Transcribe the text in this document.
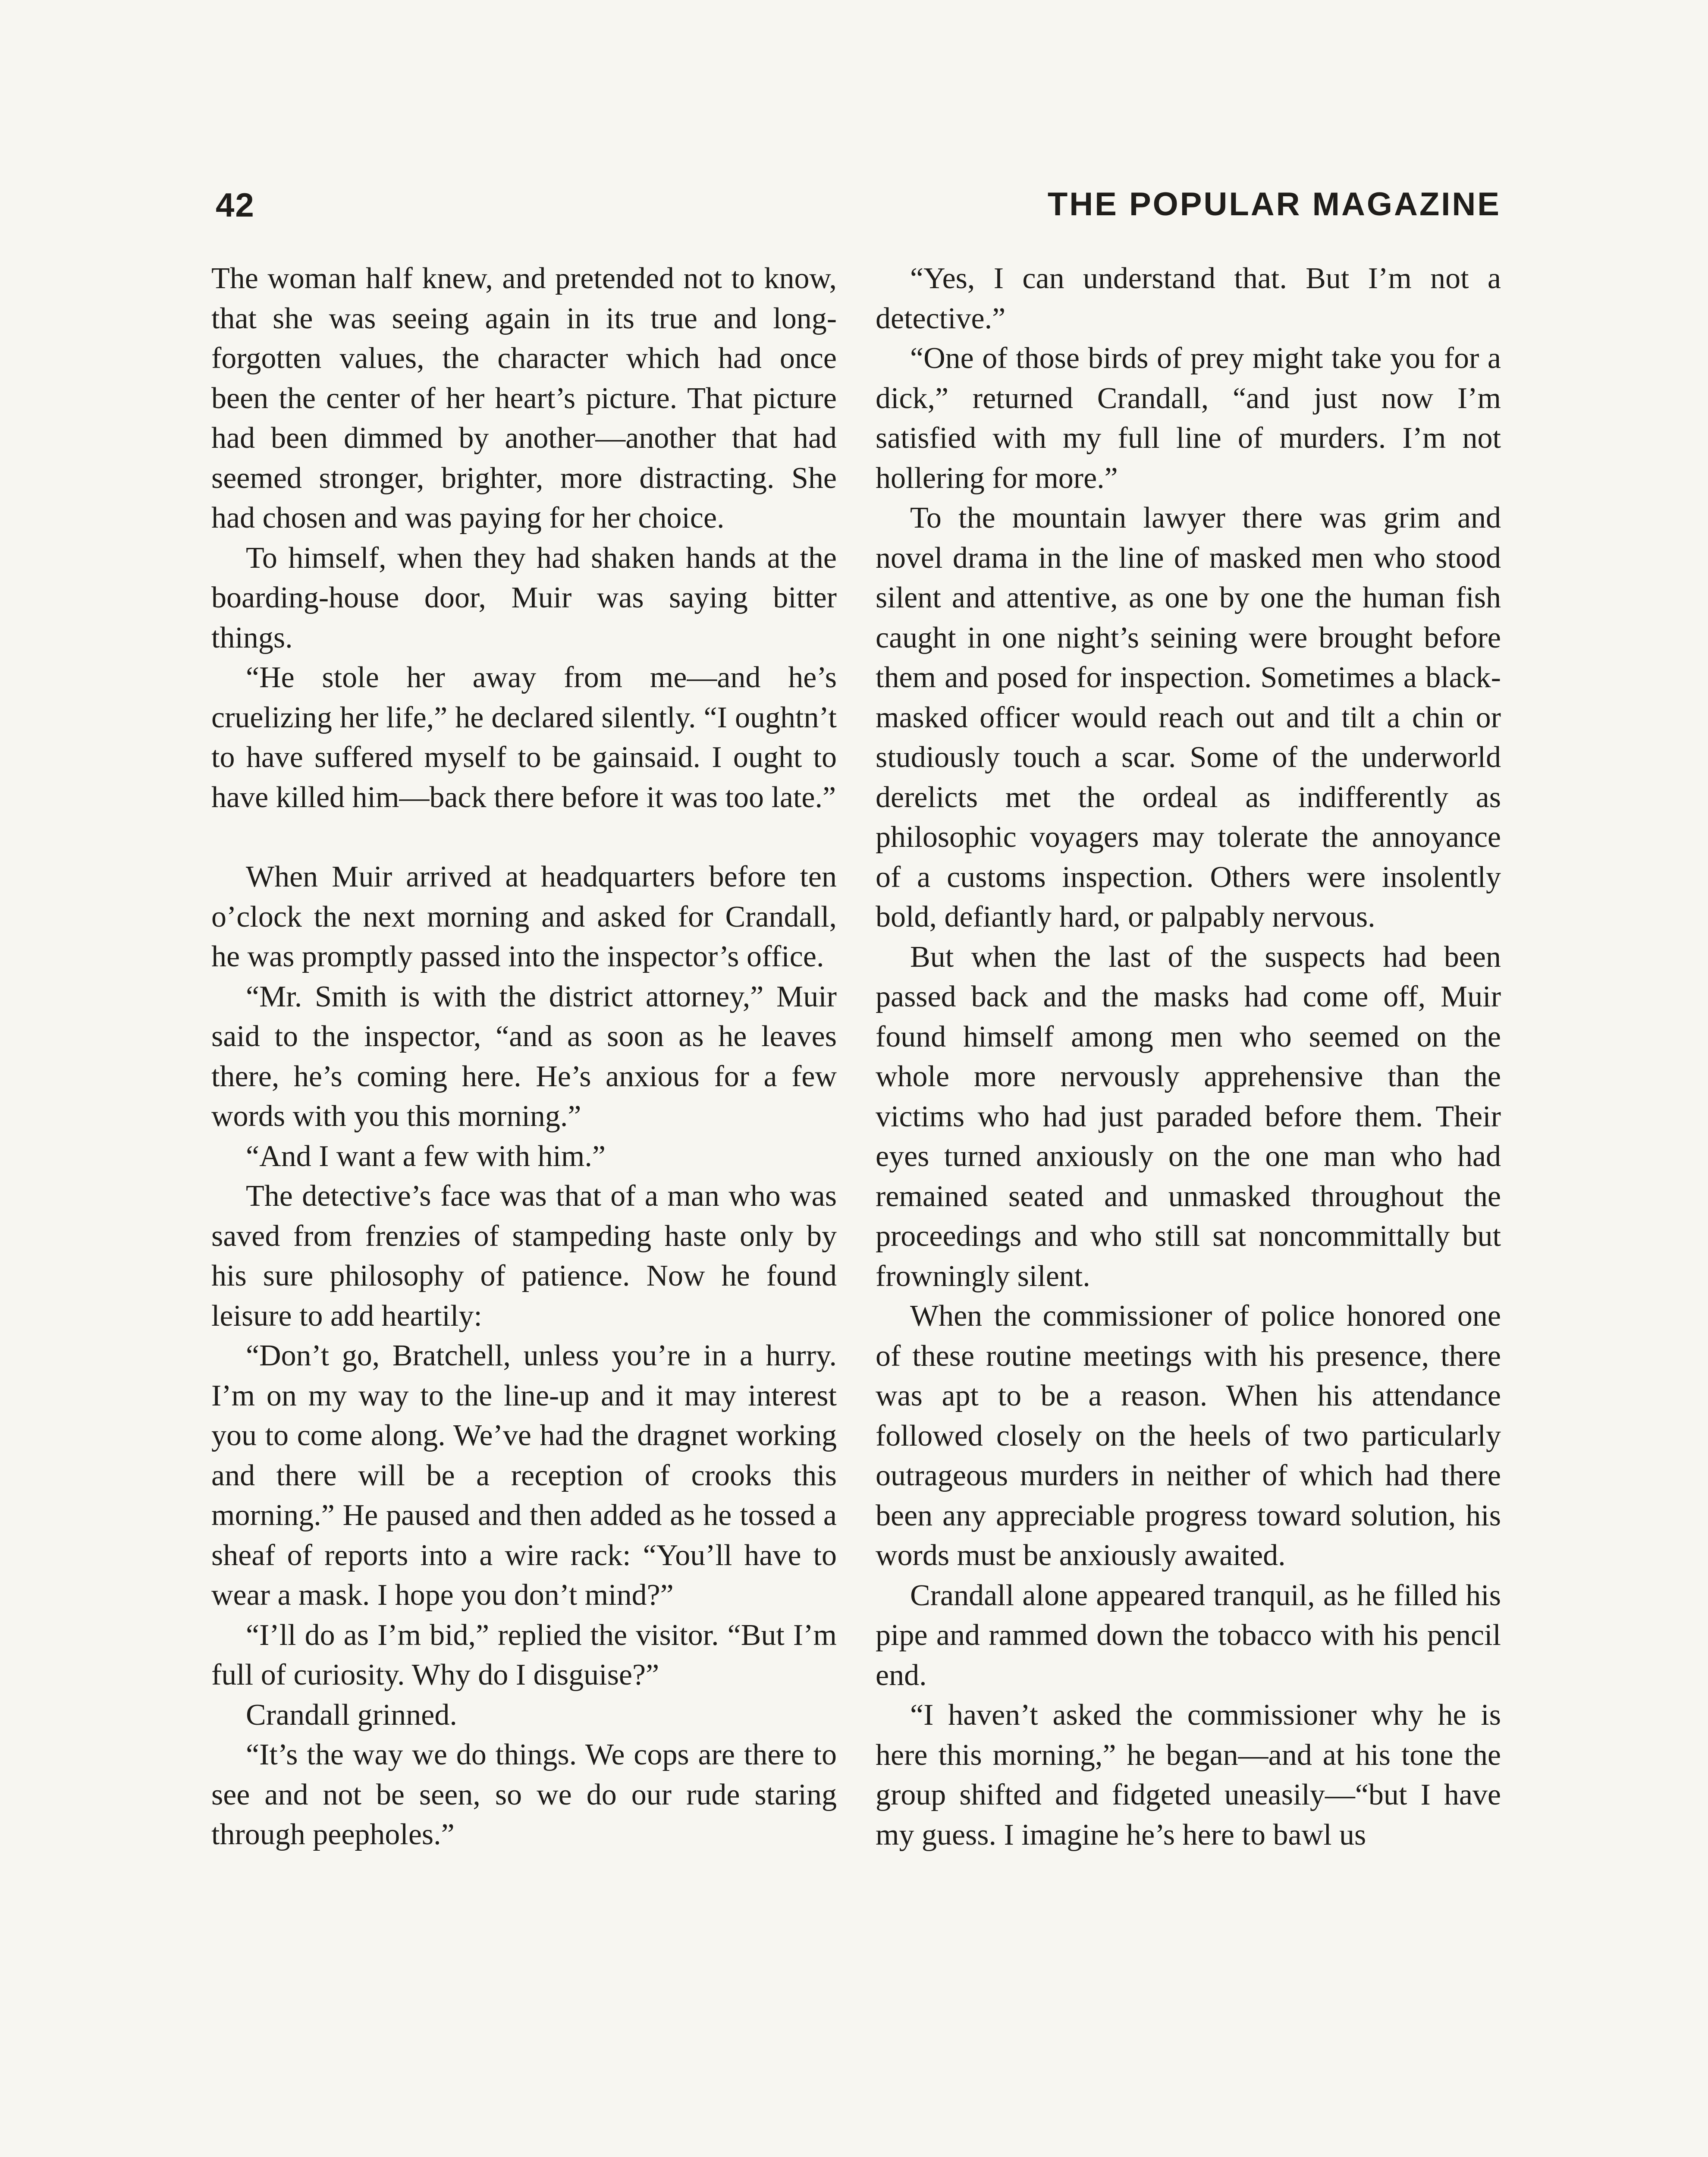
42	THE POPULAR MAGAZINE

The woman half knew, and pretended not to know, that she was seeing again in its true and long-forgotten values, the character which had once been the center of her heart’s picture. That picture had been dimmed by another—another that had seemed stronger, brighter, more distracting. She had chosen and was paying for her choice.

To himself, when they had shaken hands at the boarding-house door, Muir was saying bitter things.

“He stole her away from me—and he’s cruelizing her life,” he declared silently. “I oughtn’t to have suffered myself to be gainsaid. I ought to have killed him—back there before it was too late.”

When Muir arrived at headquarters before ten o’clock the next morning and asked for Crandall, he was promptly passed into the inspector’s office.

“Mr. Smith is with the district attorney,” Muir said to the inspector, “and as soon as he leaves there, he’s coming here. He’s anxious for a few words with you this morning.”

“And I want a few with him.”

The detective’s face was that of a man who was saved from frenzies of stampeding haste only by his sure philosophy of patience. Now he found leisure to add heartily:

“Don’t go, Bratchell, unless you’re in a hurry. I’m on my way to the line-up and it may interest you to come along. We’ve had the dragnet working and there will be a reception of crooks this morning.” He paused and then added as he tossed a sheaf of reports into a wire rack: “You’ll have to wear a mask. I hope you don’t mind?”

“I’ll do as I’m bid,” replied the visitor. “But I’m full of curiosity. Why do I disguise?”

Crandall grinned.

“It’s the way we do things. We cops are there to see and not be seen, so we do our rude staring through peepholes.”

“Yes, I can understand that. But I’m not a detective.”

“One of those birds of prey might take you for a dick,” returned Crandall, “and just now I’m satisfied with my full line of murders. I’m not hollering for more.”

To the mountain lawyer there was grim and novel drama in the line of masked men who stood silent and attentive, as one by one the human fish caught in one night’s seining were brought before them and posed for inspection. Sometimes a black-masked officer would reach out and tilt a chin or studiously touch a scar. Some of the underworld derelicts met the ordeal as indifferently as philosophic voyagers may tolerate the annoyance of a customs inspection. Others were insolently bold, defiantly hard, or palpably nervous.

But when the last of the suspects had been passed back and the masks had come off, Muir found himself among men who seemed on the whole more nervously apprehensive than the victims who had just paraded before them. Their eyes turned anxiously on the one man who had remained seated and unmasked throughout the proceedings and who still sat noncommittally but frowningly silent.

When the commissioner of police honored one of these routine meetings with his presence, there was apt to be a reason. When his attendance followed closely on the heels of two particularly outrageous murders in neither of which had there been any appreciable progress toward solution, his words must be anxiously awaited.

Crandall alone appeared tranquil, as he filled his pipe and rammed down the tobacco with his pencil end.

“I haven’t asked the commissioner why he is here this morning,” he began—and at his tone the group shifted and fidgeted uneasily—“but I have my guess. I imagine he’s here to bawl us
